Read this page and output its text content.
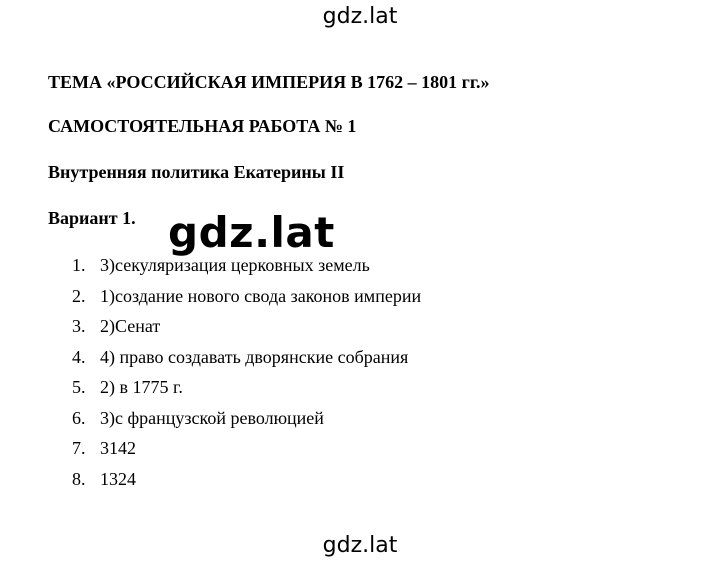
gdz.lat
ТЕМА «РОССИЙСКАЯ ИМПЕРИЯ В 1762 – 1801 гг.»
САМОСТОЯТЕЛЬНАЯ РАБОТА № 1
Внутренняя политика Екатерины II
Вариант 1. gdz.lat
1. 3)секуляризация церковных земель
2. 1)создание нового свода законов империи
3. 2)Сенат
4. 4) право создавать дворянские собрания
5. 2) в 1775 г.
6. 3)с французской революцией
7. 3142
8. 1324
gdz.lat
